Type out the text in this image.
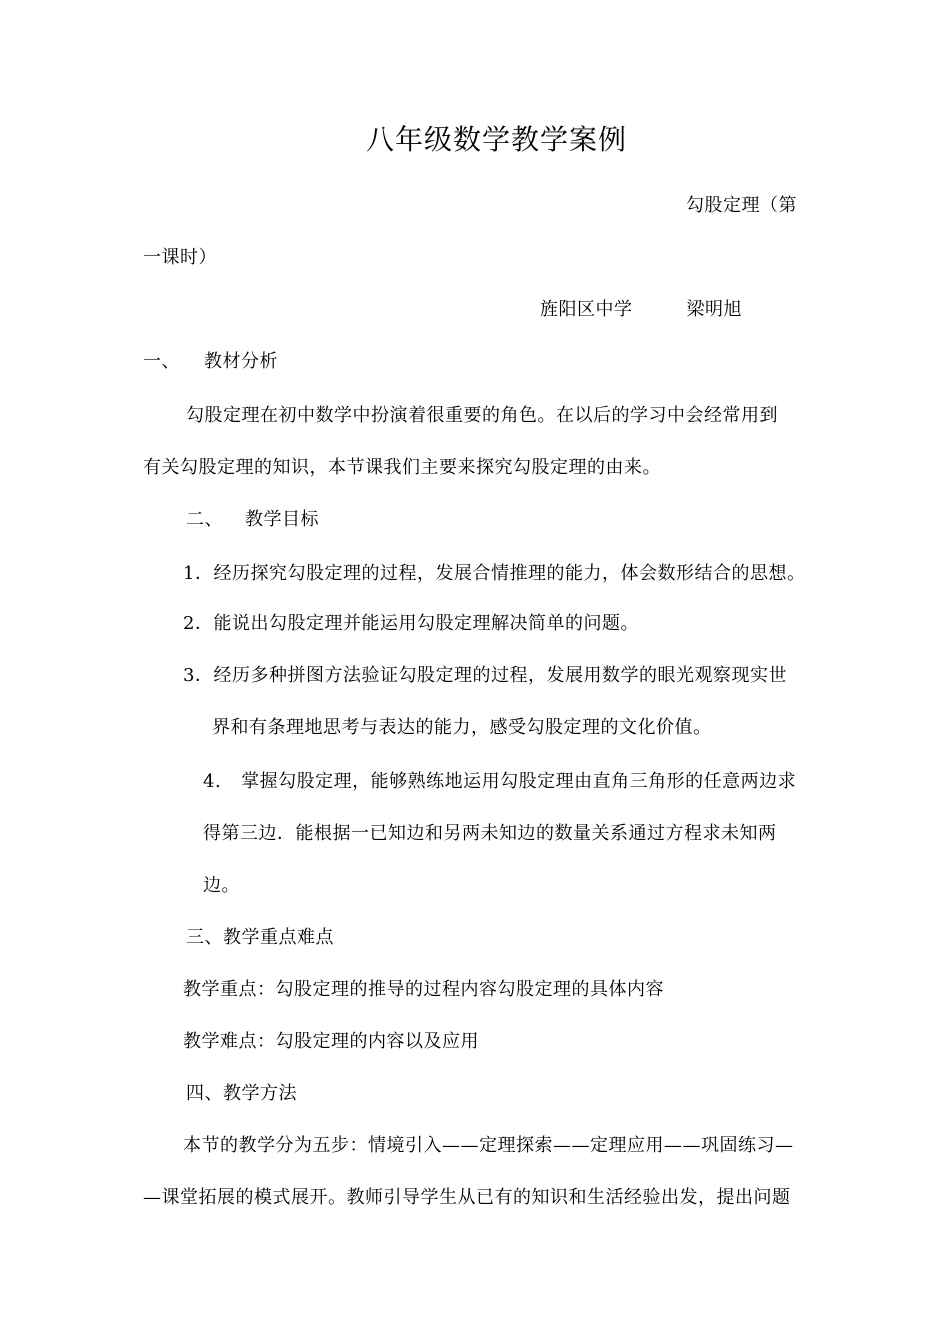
八年级数学教学案例
勾股定理（第
一课时）
旌阳区中学	梁明旭
一、 教材分析
勾股定理在初中数学中扮演着很重要的角色。在以后的学习中会经常用到
有关勾股定理的知识，本节课我们主要来探究勾股定理的由来。
二、 教学目标
1．经历探究勾股定理的过程，发展合情推理的能力，体会数形结合的思想。
2．能说出勾股定理并能运用勾股定理解决简单的问题。
3．经历多种拼图方法验证勾股定理的过程，发展用数学的眼光观察现实世
界和有条理地思考与表达的能力，感受勾股定理的文化价值。
4. 掌握勾股定理，能够熟练地运用勾股定理由直角三角形的任意两边求
得第三边．能根据一已知边和另两未知边的数量关系通过方程求未知两
边。
三、教学重点难点
教学重点：勾股定理的推导的过程内容勾股定理的具体内容
教学难点：勾股定理的内容以及应用
四、教学方法
本节的教学分为五步：情境引入——定理探索——定理应用——巩固练习—
—课堂拓展的模式展开。教师引导学生从已有的知识和生活经验出发，提出问题
